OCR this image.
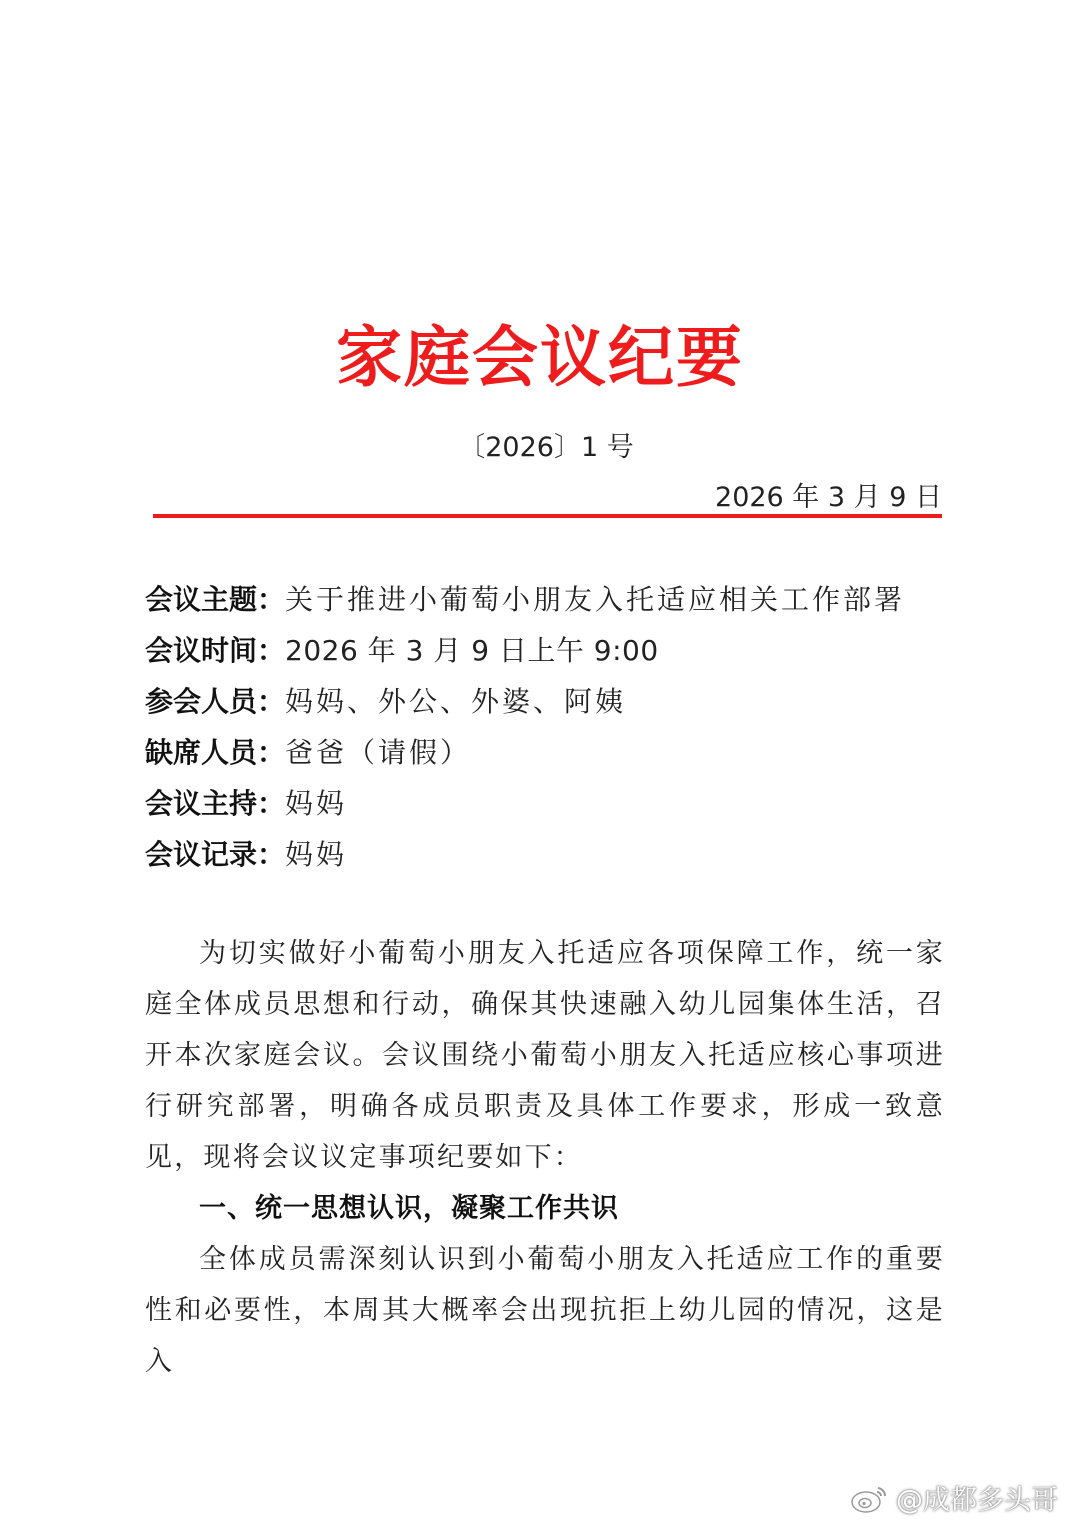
家庭会议纪要
〔2026〕1 号
2026 年 3 月 9 日
会议主题：关于推进小葡萄小朋友入托适应相关工作部署
会议时间：2026 年 3 月 9 日上午 9:00
参会人员：妈妈、外公、外婆、阿姨
缺席人员：爸爸（请假）
会议主持：妈妈
会议记录：妈妈

为切实做好小葡萄小朋友入托适应各项保障工作，统一家庭全体成员思想和行动，确保其快速融入幼儿园集体生活，召开本次家庭会议。会议围绕小葡萄小朋友入托适应核心事项进行研究部署，明确各成员职责及具体工作要求，形成一致意见，现将会议议定事项纪要如下：

一、统一思想认识，凝聚工作共识

全体成员需深刻认识到小葡萄小朋友入托适应工作的重要性和必要性，本周其大概率会出现抗拒上幼儿园的情况，这是入

@成都多头哥
